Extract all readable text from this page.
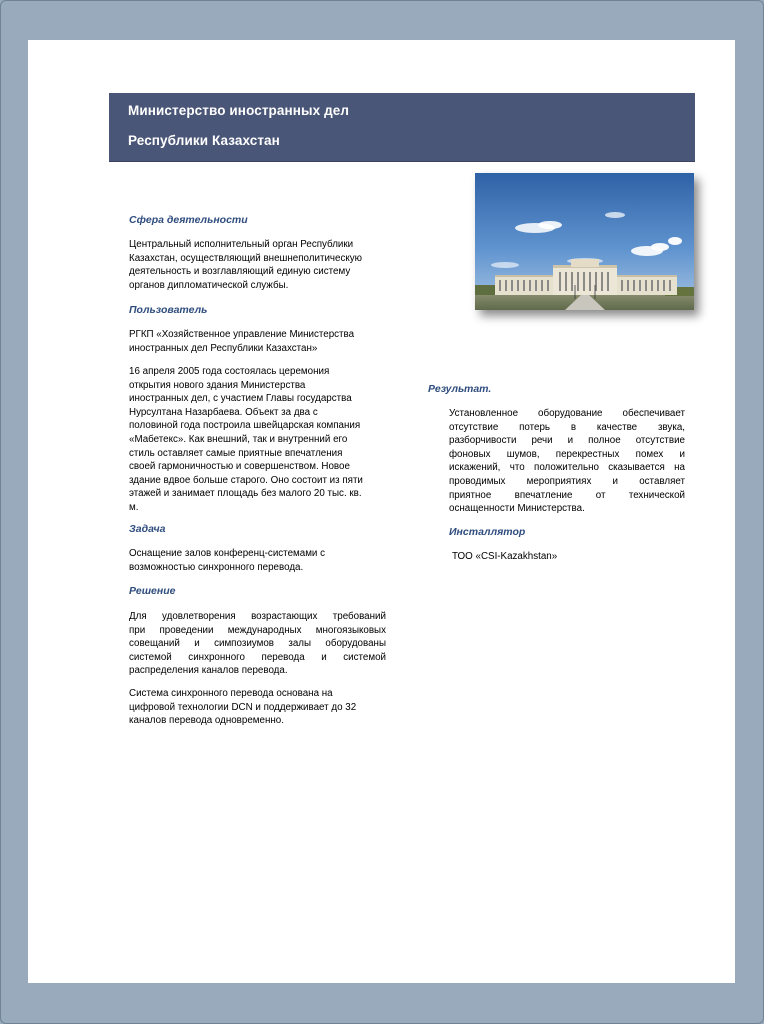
Министерство иностранных дел
Республики Казахстан
Сфера деятельности
Центральный исполнительный орган Республики
Казахстан, осуществляющий внешнеполитическую
деятельность и возглавляющий единую систему
органов дипломатической службы.
Пользователь
РГКП «Хозяйственное управление Министерства
иностранных дел Республики Казахстан»
16 апреля 2005 года состоялась церемония
открытия нового здания Министерства
иностранных дел, с участием Главы государства
Нурсултана Назарбаева. Объект за два с
половиной года построила швейцарская компания
«Мабетекс». Как внешний, так и внутренний его
стиль оставляет самые приятные впечатления
своей гармоничностью и совершенством. Новое
здание вдвое больше старого. Оно состоит из пяти
этажей и занимает площадь без малого 20 тыс. кв.
м.
Задача
Оснащение залов конференц-системами с
возможностью синхронного перевода.
Решение
Для удовлетворения возрастающих требований
при проведении международных многоязыковых
совещаний и симпозиумов залы оборудованы
системой синхронного перевода и системой
распределения каналов перевода.
Система синхронного перевода основана на
цифровой технологии DCN и поддерживает до 32
каналов перевода одновременно.
Результат.
Установленное оборудование обеспечивает
отсутствие потерь в качестве звука,
разборчивости речи и полное отсутствие
фоновых шумов, перекрестных помех и
искажений, что положительно сказывается на
проводимых мероприятиях и оставляет
приятное впечатление от технической
оснащенности Министерства.
Инсталлятор
ТОО «CSI-Kazakhstan»
